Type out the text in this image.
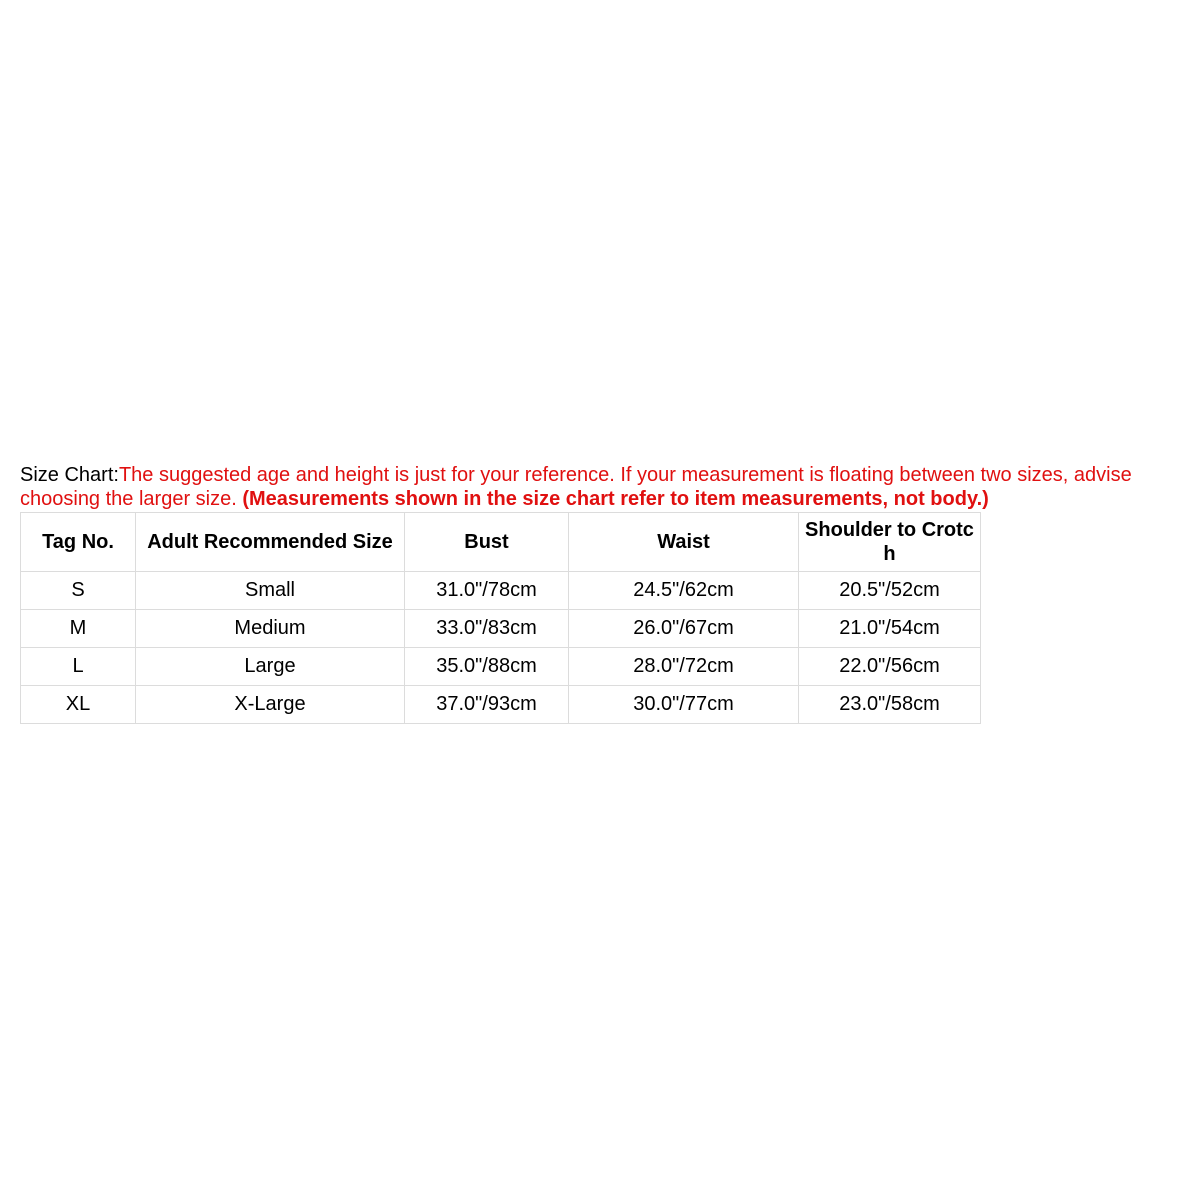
Size Chart:The suggested age and height is just for your reference. If your measurement is floating between two sizes, advise choosing the larger size. (Measurements shown in the size chart refer to item measurements, not body.)
Tag No.	Adult Recommended Size	Bust	Waist	Shoulder to Crotch
S	Small	31.0"/78cm	24.5"/62cm	20.5"/52cm
M	Medium	33.0"/83cm	26.0"/67cm	21.0"/54cm
L	Large	35.0"/88cm	28.0"/72cm	22.0"/56cm
XL	X-Large	37.0"/93cm	30.0"/77cm	23.0"/58cm
